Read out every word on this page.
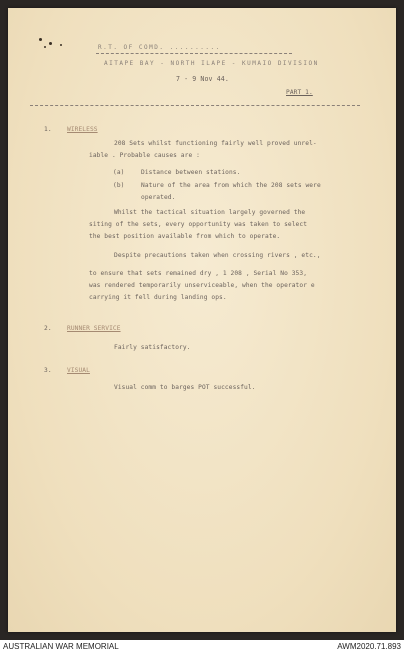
R.T. OF COMD. ..........
AITAPE BAY - NORTH ILAPE - KUMAIO DIVISION
7 - 9 Nov 44.
PART 1.
1. WIRELESS
208 Sets whilst functioning fairly well proved unrel-
iable . Probable causes are :
(a)	Distance between stations.
(b)	Nature of the area from which the 208 sets were
operated.
Whilst the tactical situation largely governed the
siting of the sets, every opportunity was taken to select
the best position available from which to operate.
Despite precautions taken when crossing rivers , etc.,
to ensure that sets remained dry , 1 208 , Serial No 353,
was rendered temporarily unserviceable, when the operator e
carrying it fell during landing ops.
2. RUNNER SERVICE
Fairly satisfactory.
3. VISUAL
Visual comm to barges POT successful.
AUSTRALIAN WAR MEMORIAL	AWM2020.71.893
